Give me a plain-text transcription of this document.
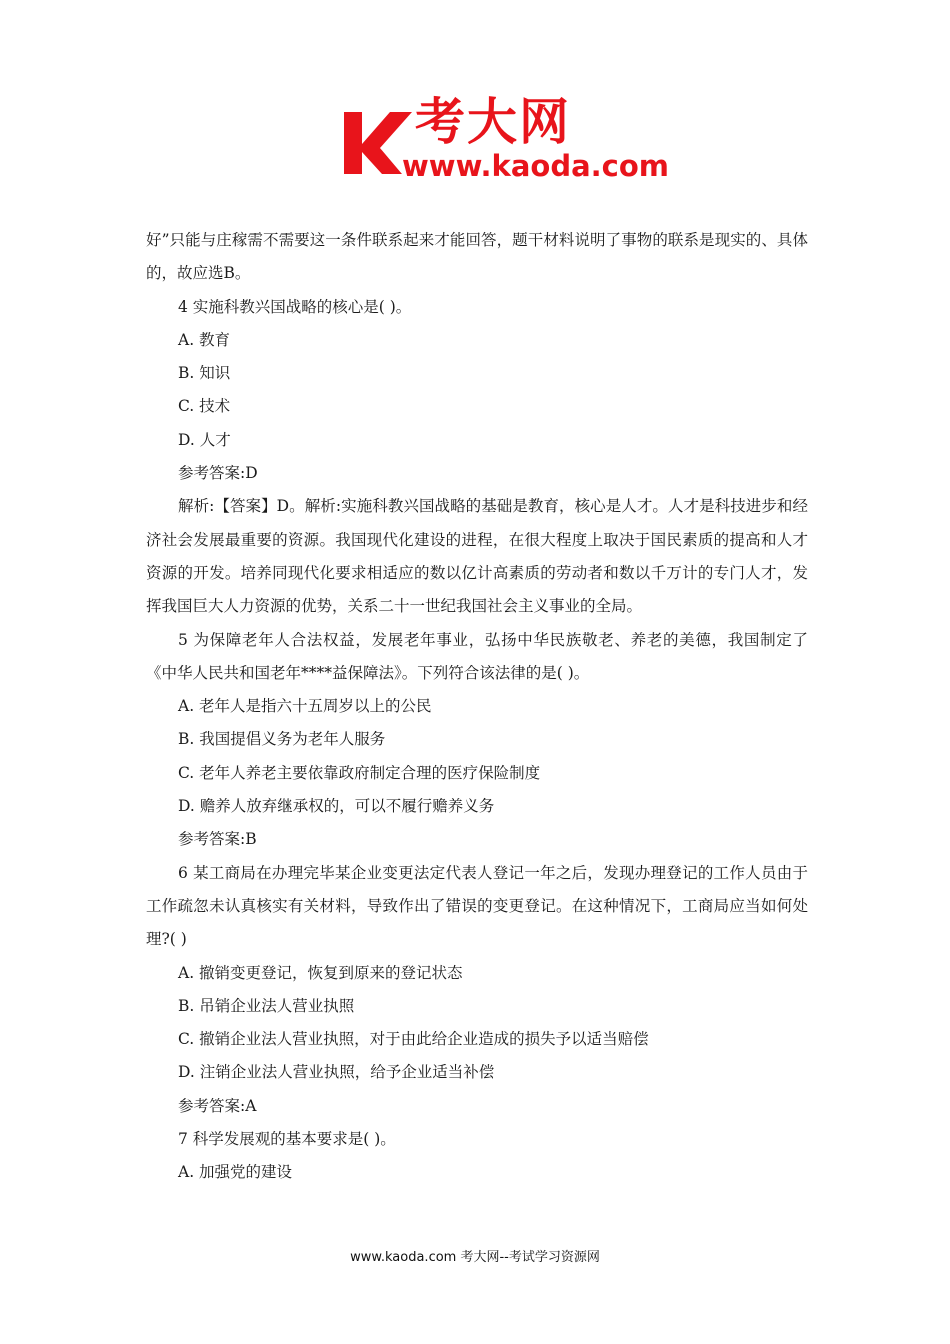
考大网
www.kaoda.com

好”只能与庄稼需不需要这一条件联系起来才能回答，题干材料说明了事物的联系是现实的、具体的，故应选B。

4 实施科教兴国战略的核心是( )。

A. 教育

B. 知识

C. 技术

D. 人才

参考答案:D

解析:【答案】D。解析:实施科教兴国战略的基础是教育，核心是人才。人才是科技进步和经济社会发展最重要的资源。我国现代化建设的进程，在很大程度上取决于国民素质的提高和人才资源的开发。培养同现代化要求相适应的数以亿计高素质的劳动者和数以千万计的专门人才，发挥我国巨大人力资源的优势，关系二十一世纪我国社会主义事业的全局。

5 为保障老年人合法权益，发展老年事业，弘扬中华民族敬老、养老的美德，我国制定了《中华人民共和国老年****益保障法》。下列符合该法律的是( )。

A. 老年人是指六十五周岁以上的公民

B. 我国提倡义务为老年人服务

C. 老年人养老主要依靠政府制定合理的医疗保险制度

D. 赡养人放弃继承权的，可以不履行赡养义务

参考答案:B

6 某工商局在办理完毕某企业变更法定代表人登记一年之后，发现办理登记的工作人员由于工作疏忽未认真核实有关材料，导致作出了错误的变更登记。在这种情况下，工商局应当如何处理?( )

A. 撤销变更登记，恢复到原来的登记状态

B. 吊销企业法人营业执照

C. 撤销企业法人营业执照，对于由此给企业造成的损失予以适当赔偿

D. 注销企业法人营业执照，给予企业适当补偿

参考答案:A

7 科学发展观的基本要求是( )。

A. 加强党的建设

www.kaoda.com 考大网--考试学习资源网
